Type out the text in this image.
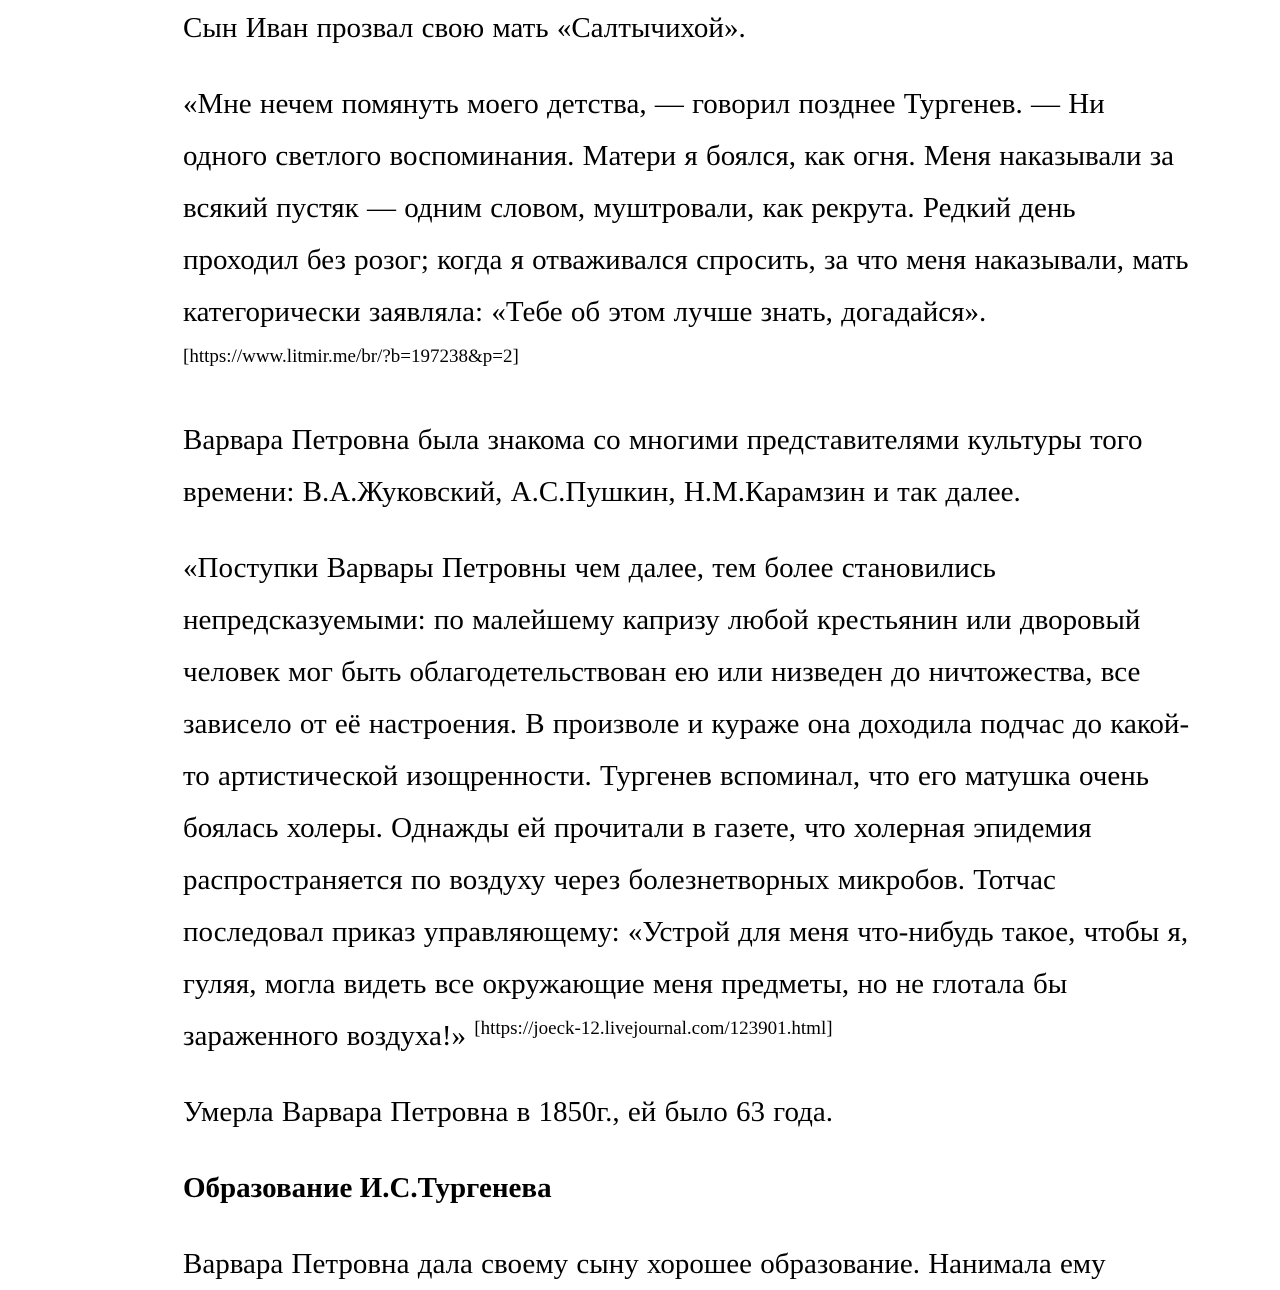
Сын Иван прозвал свою мать «Салтычихой».

«Мне нечем помянуть моего детства, — говорил позднее Тургенев. — Ни одного светлого воспоминания. Матери я боялся, как огня. Меня наказывали за всякий пустяк — одним словом, муштровали, как рекрута. Редкий день проходил без розог; когда я отваживался спросить, за что меня наказывали, мать категорически заявляла: «Тебе об этом лучше знать, догадайся».[https://www.litmir.me/br/?b=197238&p=2]

Варвара Петровна была знакома со многими представителями культуры того времени: В.А.Жуковский, А.С.Пушкин, Н.М.Карамзин и так далее.

«Поступки Варвары Петровны чем далее, тем более становились непредсказуемыми: по малейшему капризу любой крестьянин или дворовый человек мог быть облагодетельствован ею или низведен до ничтожества, все зависело от её настроения. В произволе и кураже она доходила подчас до какой-то артистической изощренности. Тургенев вспоминал, что его матушка очень боялась холеры. Однажды ей прочитали в газете, что холерная эпидемия распространяется по воздуху через болезнетворных микробов. Тотчас последовал приказ управляющему: «Устрой для меня что-нибудь такое, чтобы я, гуляя, могла видеть все окружающие меня предметы, но не глотала бы зараженного воздуха!» [https://joeck-12.livejournal.com/123901.html]

Умерла Варвара Петровна в 1850г., ей было 63 года.

Образование И.С.Тургенева

Варвара Петровна дала своему сыну хорошее образование. Нанимала ему
